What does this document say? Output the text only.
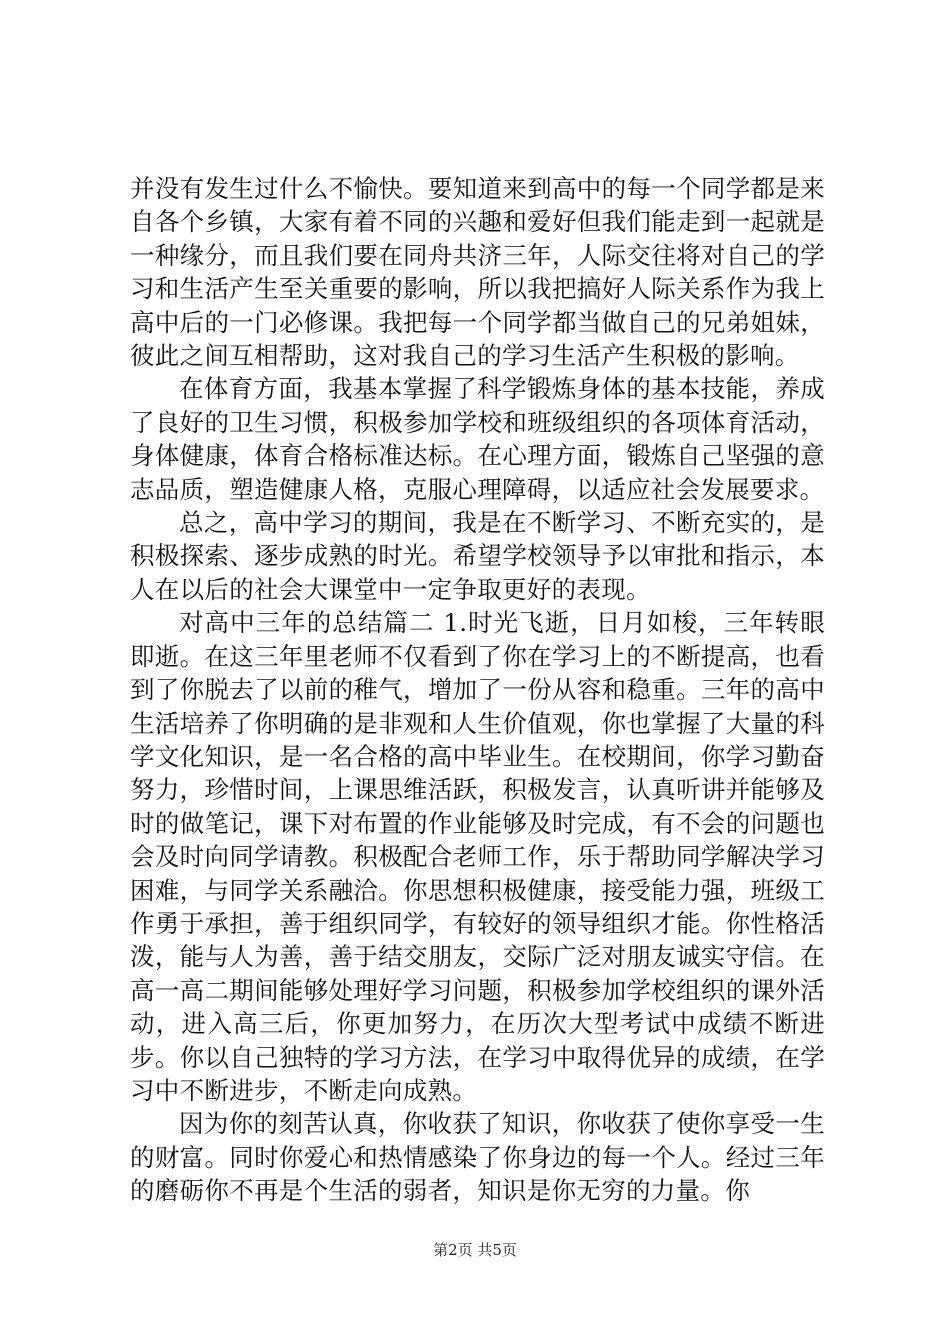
并没有发生过什么不愉快。要知道来到高中的每一个同学都是来自各个乡镇，大家有着不同的兴趣和爱好但我们能走到一起就是一种缘分，而且我们要在同舟共济三年，人际交往将对自己的学习和生活产生至关重要的影响，所以我把搞好人际关系作为我上高中后的一门必修课。我把每一个同学都当做自己的兄弟姐妹，彼此之间互相帮助，这对我自己的学习生活产生积极的影响。

在体育方面，我基本掌握了科学锻炼身体的基本技能，养成了良好的卫生习惯，积极参加学校和班级组织的各项体育活动，身体健康，体育合格标准达标。在心理方面，锻炼自己坚强的意志品质，塑造健康人格，克服心理障碍，以适应社会发展要求。

总之，高中学习的期间，我是在不断学习、不断充实的，是积极探索、逐步成熟的时光。希望学校领导予以审批和指示，本人在以后的社会大课堂中一定争取更好的表现。

对高中三年的总结篇二 1.时光飞逝，日月如梭，三年转眼即逝。在这三年里老师不仅看到了你在学习上的不断提高，也看到了你脱去了以前的稚气，增加了一份从容和稳重。三年的高中生活培养了你明确的是非观和人生价值观，你也掌握了大量的科学文化知识，是一名合格的高中毕业生。在校期间，你学习勤奋努力，珍惜时间，上课思维活跃，积极发言，认真听讲并能够及时的做笔记，课下对布置的作业能够及时完成，有不会的问题也会及时向同学请教。积极配合老师工作，乐于帮助同学解决学习困难，与同学关系融洽。你思想积极健康，接受能力强，班级工作勇于承担，善于组织同学，有较好的领导组织才能。你性格活泼，能与人为善，善于结交朋友，交际广泛对朋友诚实守信。在高一高二期间能够处理好学习问题，积极参加学校组织的课外活动，进入高三后，你更加努力，在历次大型考试中成绩不断进步。你以自己独特的学习方法，在学习中取得优异的成绩，在学习中不断进步，不断走向成熟。

因为你的刻苦认真，你收获了知识，你收获了使你享受一生的财富。同时你爱心和热情感染了你身边的每一个人。经过三年的磨砺你不再是个生活的弱者，知识是你无穷的力量。你

第2页 共5页
